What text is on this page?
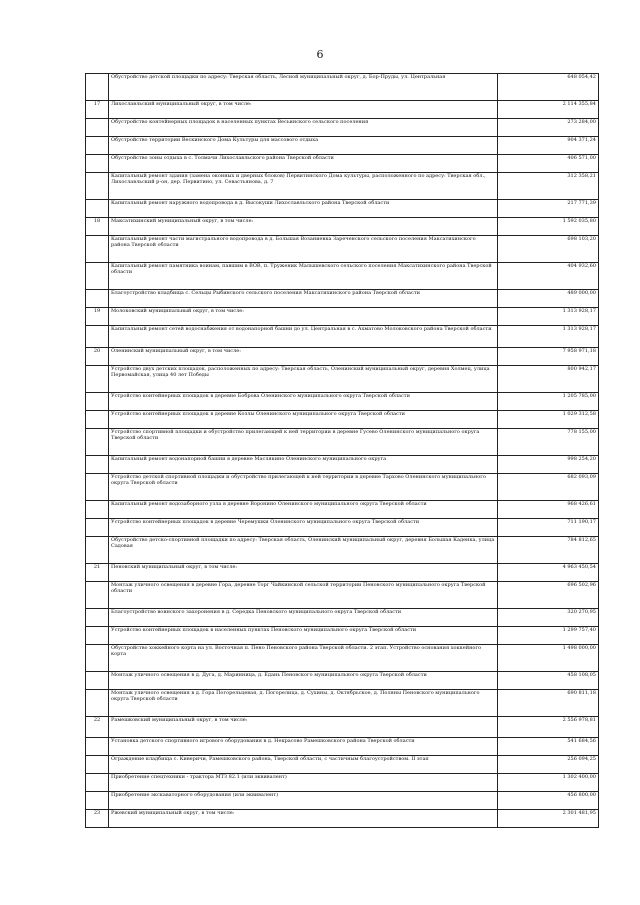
6
	Обустройство детской площадки по адресу: Тверская область, Лесной муниципальный округ, д. Бор-Пруды, ул. Центральная	648 054,42
17	Лихославльский муниципальный округ, в том числе:	2 114 355,84
	Обустройство контейнерных площадок в населенных пунктах Весьинского сельского поселения	273 284,00
	Обустройство территории Вескинского Дома Культуры для массового отдыха	904 371,24
	Обустройство зоны отдыха в с. Толмачи Лихославльского района Тверской области	406 571,00
	Капитальный ремонт здания (замена оконных и дверных блоков) Первитинского Дома культуры, расположенного по адресу: Тверская обл., Лихославльский р-он, дер. Первитино, ул. Севастьянова, д. 7	312 358,21
	Капитальный ремонт наружного водопровода в д. Высокуши Лихославльского района Тверской области	217 771,39
18	Максатихинский муниципальный округ, в том числе:	1 592 035,80
	Капитальный ремонт части магистрального водопровода в д. Большая Возаниевка Зареченского сельского поселения Максатихинского района Тверской области	698 103,20
	Капитальный ремонт памятника воинам, павшим в ВОВ, п. Труженик Малышевского сельского поселения Максатихинского района Тверской области	404 932,60
	Благоустройство кладбища с. Сельцы Рыбинского сельского поселения Максатихинского района Тверской области	489 000,00
19	Молоковский муниципальный округ, в том числе:	1 313 928,17
	Капитальный ремонт сетей водоснабжения от водонапорной башни до ул. Центральная в с. Ахматово Молоковского района Тверской области	1 313 928,17
20	Оленинский муниципальный округ, в том числе:	7 958 971,18
	Устройство двух детских площадок, расположенных по адресу: Тверская область, Оленинский муниципальный округ, деревня Холмец, улица Первомайская, улица 40 лет Победы	800 942,17
	Устройство контейнерных площадок в деревне Боброва Оленинского муниципального округа Тверской области	1 205 785,00
	Устройство контейнерных площадок в деревне Козлы Оленинского муниципального округа Тверской области	1 029 312,58
	Устройство спортивной площадки и обустройство прилегающей к ней территории в деревне Гусево Оленинского муниципального округа Тверской области	778 155,00
	Капитальный ремонт водонапорной башни в деревне Маслякино Оленинского муниципального округа	998 254,20
	Устройство детской спортивной площадки и обустройство прилегающей к ней территории в деревне Тархово Оленинского муниципального округа Тверской области	682 093,09
	Капитальный ремонт водозаборного узла в деревне Воронино Оленинского муниципального округа Тверской области	968 426,61
	Устройство контейнерных площадок в деревне Черемушки Оленинского муниципального округа Тверской области	711 190,17
	Обустройство детско-спортивной площадки по адресу: Тверская область, Оленинский муниципальный округ, деревня Большая Каденка, улица Садовая	784 812,65
21	Пеновский муниципальный округ, в том числе:	4 963 450,54
	Монтаж уличного освещения в деревне Гора, деревне Торг Чайкинской сельской территории Пеновского муниципального округа Тверской области	696 502,96
	Благоустройство воинского захоронения в д. Середка Пеновского муниципального округа Тверской области	320 270,95
	Устройство контейнерных площадок в населенных пунктах Пеновского муниципального округа Тверской области	1 299 757,40
	Обустройство хоккейного корта на ул. Восточная п. Пено Пеновского района Тверской области. 2 этап. Устройство основания хоккейного корта	1 498 000,00
	Монтаж уличного освещения в д. Дуга, д. Маринница, д. Едань Пеновского муниципального округа Тверской области	458 108,05
	Монтаж уличного освещения в д. Гора Погорельцевая, д. Погорелица, д. Сухины, д. Октябрьское, д. Поляны Пеновского муниципального округа Тверской области	690 811,18
22	Рамешковский муниципальный округ, в том числе:	2 556 978,81
	Установка детского спортивного игрового оборудования в д. Некрасово Рамешковского района Тверской области	541 684,56
	Ограждение кладбища с. Киверичи, Рамешковского района, Тверской области, с частичным благоустройством. II этап	256 094,25
	Приобретение спецтехники - трактора МТЗ 82.1 (или эквивалент)	1 302 400,00
	Приобретение экскаваторного оборудования (или эквивалент)	456 800,00
23	Ржевский муниципальный округ, в том числе:	2 301 481,95
